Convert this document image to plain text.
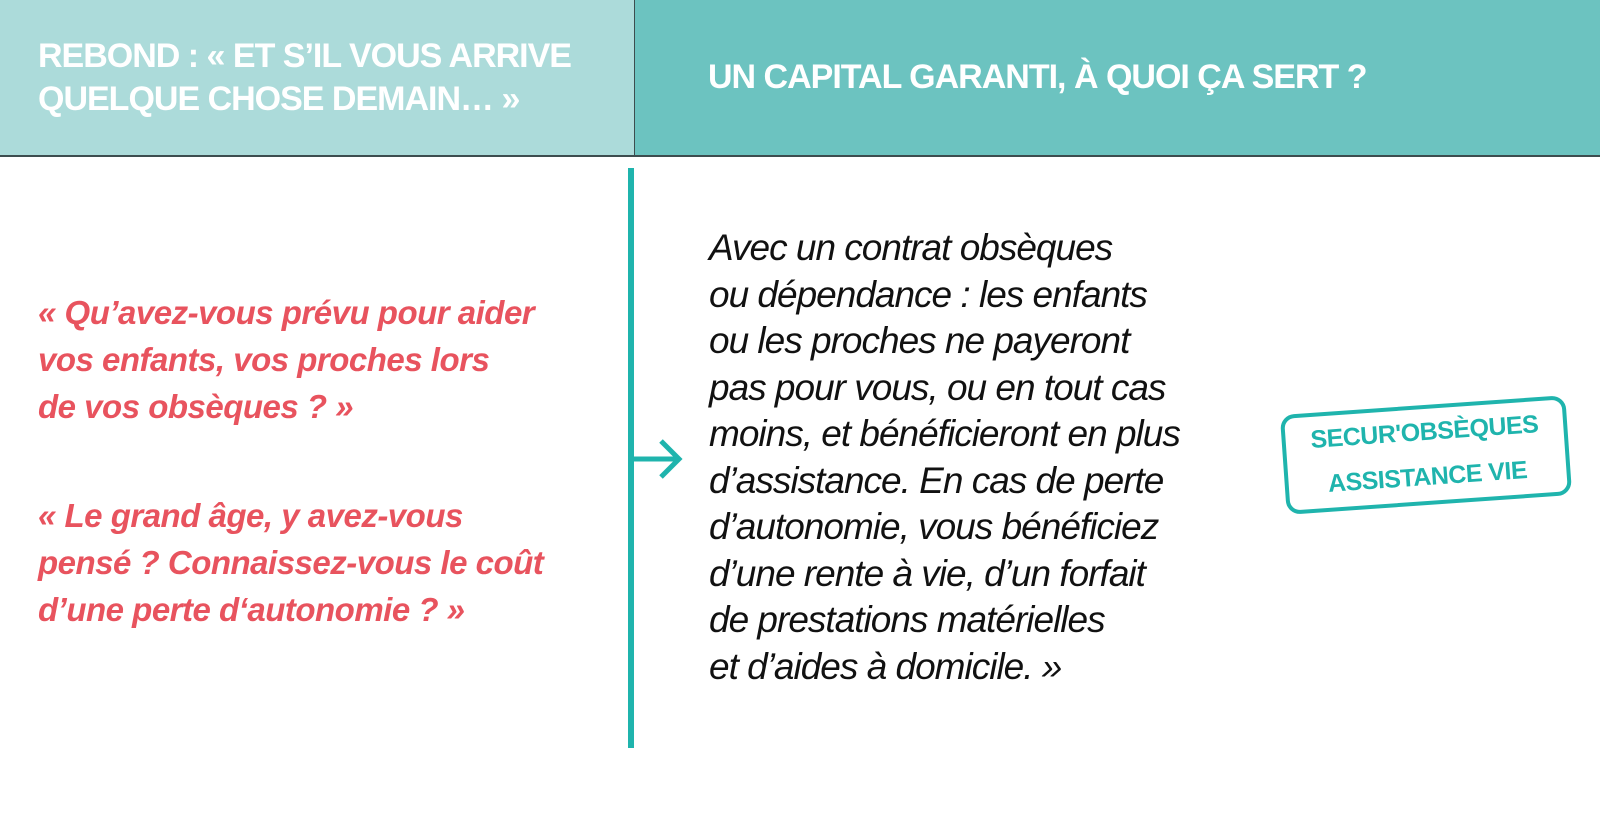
REBOND : « ET S’IL VOUS ARRIVE
QUELQUE CHOSE DEMAIN… »

UN CAPITAL GARANTI, À QUOI ÇA SERT ?

« Qu’avez-vous prévu pour aider
vos enfants, vos proches lors
de vos obsèques ? »

« Le grand âge, y avez-vous
pensé ? Connaissez-vous le coût
d’une perte d‘autonomie ? »

Avec un contrat obsèques
ou dépendance : les enfants
ou les proches ne payeront
pas pour vous, ou en tout cas
moins, et bénéficieront en plus
d’assistance. En cas de perte
d’autonomie, vous bénéficiez
d’une rente à vie, d’un forfait
de prestations matérielles
et d’aides à domicile. »

SECUR'OBSÈQUES
ASSISTANCE VIE
